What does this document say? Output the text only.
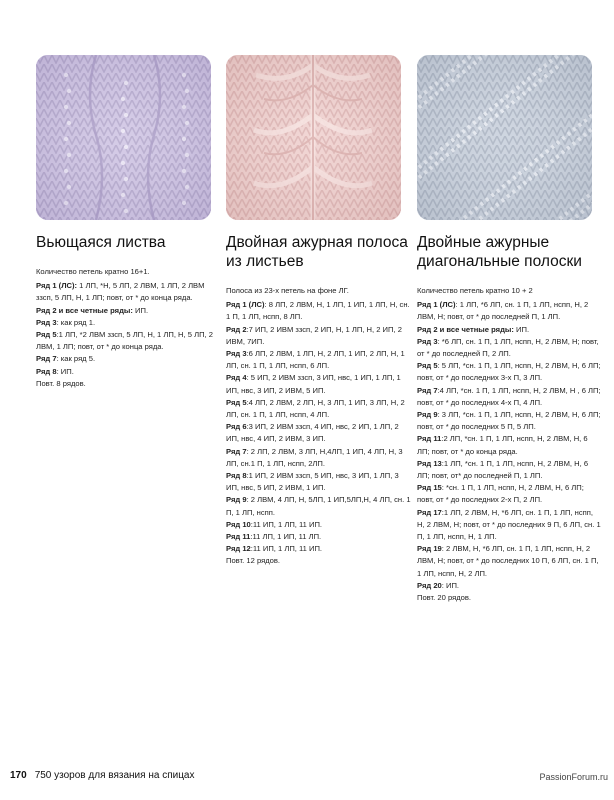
Вьющаяся листва
Количество петель кратно 16+1.
Ряд 1 (ЛС): 1 ЛП, *Н, 5 ЛП, 2 ЛВМ, 1 ЛП, 2 ЛВМ ззсп, 5 ЛП, Н, 1 ЛП; повт, от * до конца ряда.
Ряд 2 и все четные ряды: ИП.
Ряд 3: как ряд 1.
Ряд 5:1 ЛП, *2 ЛВМ ззсп, 5 ЛП, Н, 1 ЛП, Н, 5 ЛП, 2 ЛВМ, 1 ЛП; повт, от * до конца ряда.
Ряд 7: как ряд 5.
Ряд 8: ИП.
Повт. 8 рядов.
Двойная ажурная полоса из листьев
Полоса из 23-х петель на фоне ЛГ.
Ряд 1 (ЛС): 8 ЛП, 2 ЛВМ, Н, 1 ЛП, 1 ИП, 1 ЛП, Н, сн. 1 П, 1 ЛП, нспп, 8 ЛП.
Ряд 2:7 ИП, 2 ИВМ ззсп, 2 ИП, Н, 1 ЛП, Н, 2 ИП, 2 ИВМ, 7ИП.
Ряд 3:6 ЛП, 2 ЛВМ, 1 ЛП, Н, 2 ЛП, 1 ИП, 2 ЛП, Н, 1 ЛП, сн. 1 П, 1 ЛП, нспп, 6 ЛП.
Ряд 4: 5 ИП, 2 ИВМ ззсп, 3 ИП, нвс, 1 ИП, 1 ЛП, 1 ИП, нвс, 3 ИП, 2 ИВМ, 5 ИП.
Ряд 5:4 ЛП, 2 ЛВМ, 2 ЛП, Н, 3 ЛП, 1 ИП, 3 ЛП, Н, 2 ЛП, сн. 1 П, 1 ЛП, нспп, 4 ЛП.
Ряд 6:3 ИП, 2 ИВМ ззсп, 4 ИП, нвс, 2 ИП, 1 ЛП, 2 ИП, нвс, 4 ИП, 2 ИВМ, 3 ИП.
Ряд 7: 2 ЛП, 2 ЛВМ, 3 ЛП, Н,4ЛП, 1 ИП, 4 ЛП, Н, 3 ЛП, сн.1 П, 1 ЛП, нспп, 2ЛП.
Ряд 8:1 ИП, 2 ИВМ ззсп, 5 ИП, нвс, 3 ИП, 1 ЛП, 3 ИП, нвс, 5 ИП, 2 ИВМ, 1 ИП.
Ряд 9: 2 ЛВМ, 4 ЛП, Н, 5ЛП, 1 ИП,5ЛП,Н, 4 ЛП, сн. 1 П, 1 ЛП, нспп.
Ряд 10:11 ИП, 1 ЛП, 11 ИП.
Ряд 11:11 ЛП, 1 ИП, 11 ЛП.
Ряд 12:11 ИП, 1 ЛП, 11 ИП.
Повт. 12 рядов.
Двойные ажурные диагональные полоски
Количество петель кратно 10 + 2
Ряд 1 (ЛС): 1 ЛП, *6 ЛП, сн. 1 П, 1 ЛП, нспп, Н, 2 ЛВМ, Н; повт, от * до последней П, 1 ЛП.
Ряд 2 и все четные ряды: ИП.
Ряд 3: *6 ЛП, сн. 1 П, 1 ЛП, нспп, Н, 2 ЛВМ, Н; повт, от * до последней П, 2 ЛП.
Ряд 5: 5 ЛП, *сн. 1 П, 1 ЛП, нспп, Н, 2 ЛВМ, Н, 6 ЛП; повт, от * до последних 3-х П, 3 ЛП.
Ряд 7:4 ЛП, *сн. 1 П, 1 ЛП, нспп, Н, 2 ЛВМ, Н , 6 ЛП; повт, от * до последних 4-х П, 4 ЛП.
Ряд 9: 3 ЛП, *сн. 1 П, 1 ЛП, нспп, Н, 2 ЛВМ, Н, 6 ЛП; повт, от * до последних 5 П, 5 ЛП.
Ряд 11:2 ЛП, *сн. 1 П, 1 ЛП, нспп, Н, 2 ЛВМ, Н, 6 ЛП; повт, от * до конца ряда.
Ряд 13:1 ЛП, *сн. 1 П, 1 ЛП, нспп, Н, 2 ЛВМ, Н, 6 ЛП; повт, от* до последней П, 1 ЛП.
Ряд 15: *сн. 1 П, 1 ЛП, нспп, Н, 2 ЛВМ, Н, 6 ЛП; повт, от * до последних 2-х П, 2 ЛП.
Ряд 17:1 ЛП, 2 ЛВМ, Н, *6 ЛП, сн. 1 П, 1 ЛП, нспп, Н, 2 ЛВМ, Н; повт, от * до последних 9 П, 6 ЛП, сн. 1 П, 1 ЛП, нспп, Н, 1 ЛП.
Ряд 19: 2 ЛВМ, Н, *6 ЛП, сн. 1 П, 1 ЛП, нспп, Н, 2 ЛВМ, Н; повт, от * до последних 10 П, 6 ЛП, сн. 1 П, 1 ЛП, нспп, Н, 2 ЛП.
Ряд 20: ИП.
Повт. 20 рядов.
170 750 узоров для вязания на спицах	PassionForum.ru
